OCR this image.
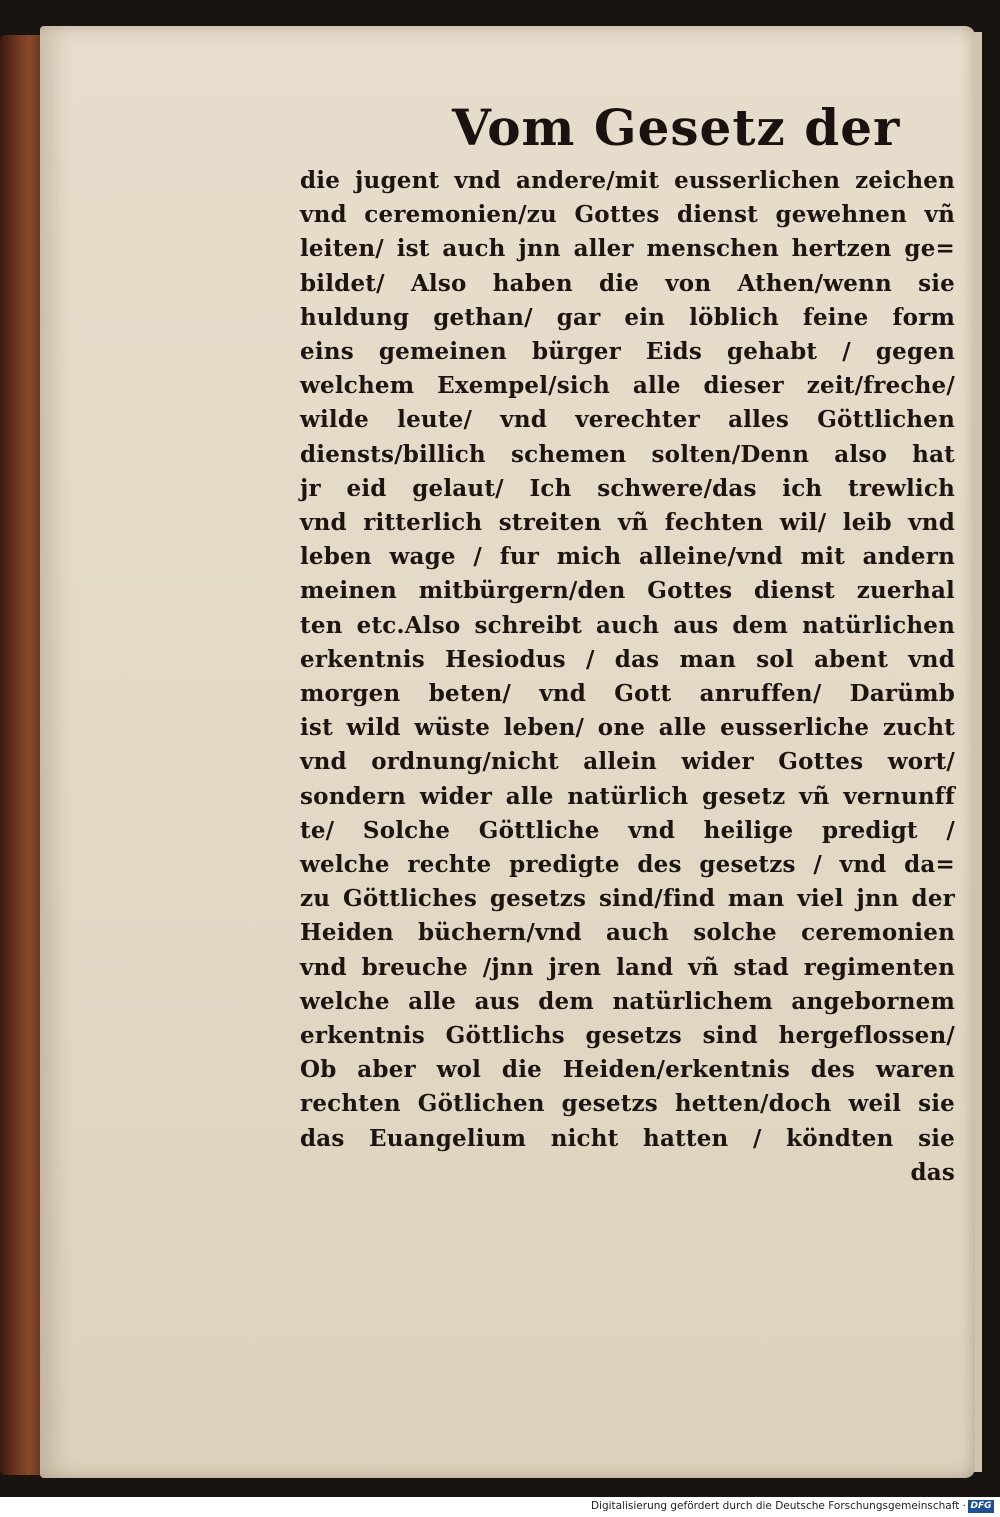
Vom Gesetz der
die jugent vnd andere/mit eusserlichen zeichen
vnd ceremonien/zu Gottes dienst gewehnen vñ
leiten/ ist auch jnn aller menschen hertzen ge=
bildet/ Also haben die von Athen/wenn sie
huldung gethan/ gar ein löblich feine form
eins gemeinen bürger Eids gehabt / gegen
welchem Exempel/sich alle dieser zeit/freche/
wilde leute/ vnd verechter alles Göttlichen
diensts/billich schemen solten/Denn also hat
jr eid gelaut/ Ich schwere/das ich trewlich
vnd ritterlich streiten vñ fechten wil/ leib vnd
leben wage / fur mich alleine/vnd mit andern
meinen mitbürgern/den Gottes dienst zuerhal
ten etc.Also schreibt auch aus dem natürlichen
erkentnis Hesiodus / das man sol abent vnd
morgen beten/ vnd Gott anruffen/ Darümb
ist wild wüste leben/ one alle eusserliche zucht
vnd ordnung/nicht allein wider Gottes wort/
sondern wider alle natürlich gesetz vñ vernunff
te/ Solche Göttliche vnd heilige predigt /
welche rechte predigte des gesetzs / vnd da=
zu Göttliches gesetzs sind/find man viel jnn der
Heiden büchern/vnd auch solche ceremonien
vnd breuche /jnn jren land vñ stad regimenten
welche alle aus dem natürlichem angebornem
erkentnis Göttlichs gesetzs sind hergeflossen/
Ob aber wol die Heiden/erkentnis des waren
rechten Götlichen gesetzs hetten/doch weil sie
das Euangelium nicht hatten / köndten sie
das
Digitalisierung gefördert durch die Deutsche Forschungsgemeinschaft · DFG
